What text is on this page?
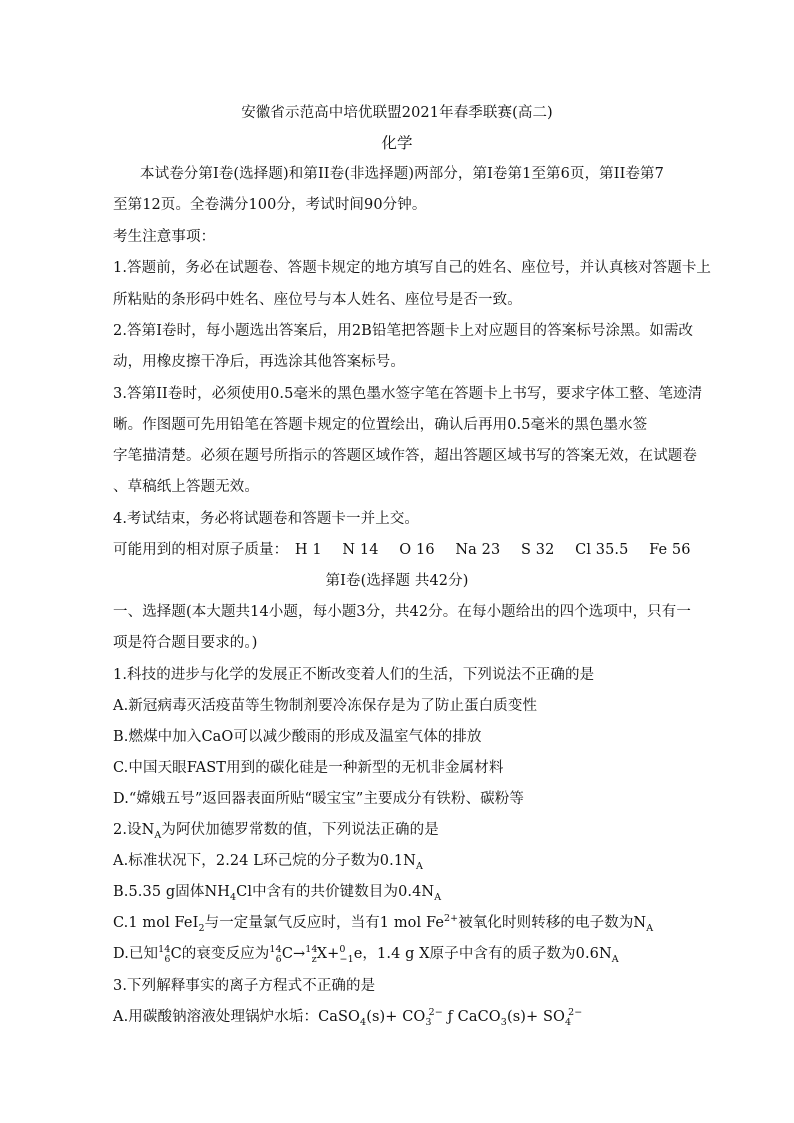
安徽省示范高中培优联盟2021年春季联赛(高二)
化学
本试卷分第I卷(选择题)和第II卷(非选择题)两部分，第I卷第1至第6页，第II卷第7
至第12页。全卷满分100分，考试时间90分钟。
考生注意事项：
1.答题前，务必在试题卷、答题卡规定的地方填写自己的姓名、座位号，并认真核对答题卡上
所粘贴的条形码中姓名、座位号与本人姓名、座位号是否一致。
2.答第I卷时，每小题选出答案后，用2B铅笔把答题卡上对应题目的答案标号涂黑。如需改
动，用橡皮擦干净后，再选涂其他答案标号。
3.答第II卷时，必须使用0.5毫米的黑色墨水签字笔在答题卡上书写，要求字体工整、笔迹清
晰。作图题可先用铅笔在答题卡规定的位置绘出，确认后再用0.5毫米的黑色墨水签
字笔描清楚。必须在题号所指示的答题区域作答，超出答题区域书写的答案无效，在试题卷
、草稿纸上答题无效。
4.考试结束，务必将试题卷和答题卡一并上交。
可能用到的相对原子质量： H 1 N 14 O 16 Na 23 S 32 Cl 35.5 Fe 56
第I卷(选择题 共42分)
一、选择题(本大题共14小题，每小题3分，共42分。在每小题给出的四个选项中，只有一
项是符合题目要求的。)
1.科技的进步与化学的发展正不断改变着人们的生活，下列说法不正确的是
A.新冠病毒灭活疫苗等生物制剂要冷冻保存是为了防止蛋白质变性
B.燃煤中加入CaO可以减少酸雨的形成及温室气体的排放
C.中国天眼FAST用到的碳化硅是一种新型的无机非金属材料
D.“嫦娥五号”返回器表面所贴“暖宝宝”主要成分有铁粉、碳粉等
2.设$N_A$为阿伏加德罗常数的值，下列说法正确的是
A.标准状况下，2.24 L环己烷的分子数为$0.1N_A$
B.5.35 g固体$NH_4Cl$中含有的共价键数目为$0.4N_A$
C.1 mol FeI$_2$与一定量氯气反应时，当有1 mol $Fe^{2+}$被氧化时则转移的电子数为$N_A$
D.已知$^{14}_6$C的衰变反应为$^{14}_6$C→$^{14}_z$X+$^0_{-1}$e，1.4 g X原子中含有的质子数为$0.6N_A$
3.下列解释事实的离子方程式不正确的是
A.用碳酸钠溶液处理锅炉水垢：CaSO$_4$(s)+ $CO_3^{2-}$ ƒ CaCO$_3$(s)+ $SO_4^{2-}$
